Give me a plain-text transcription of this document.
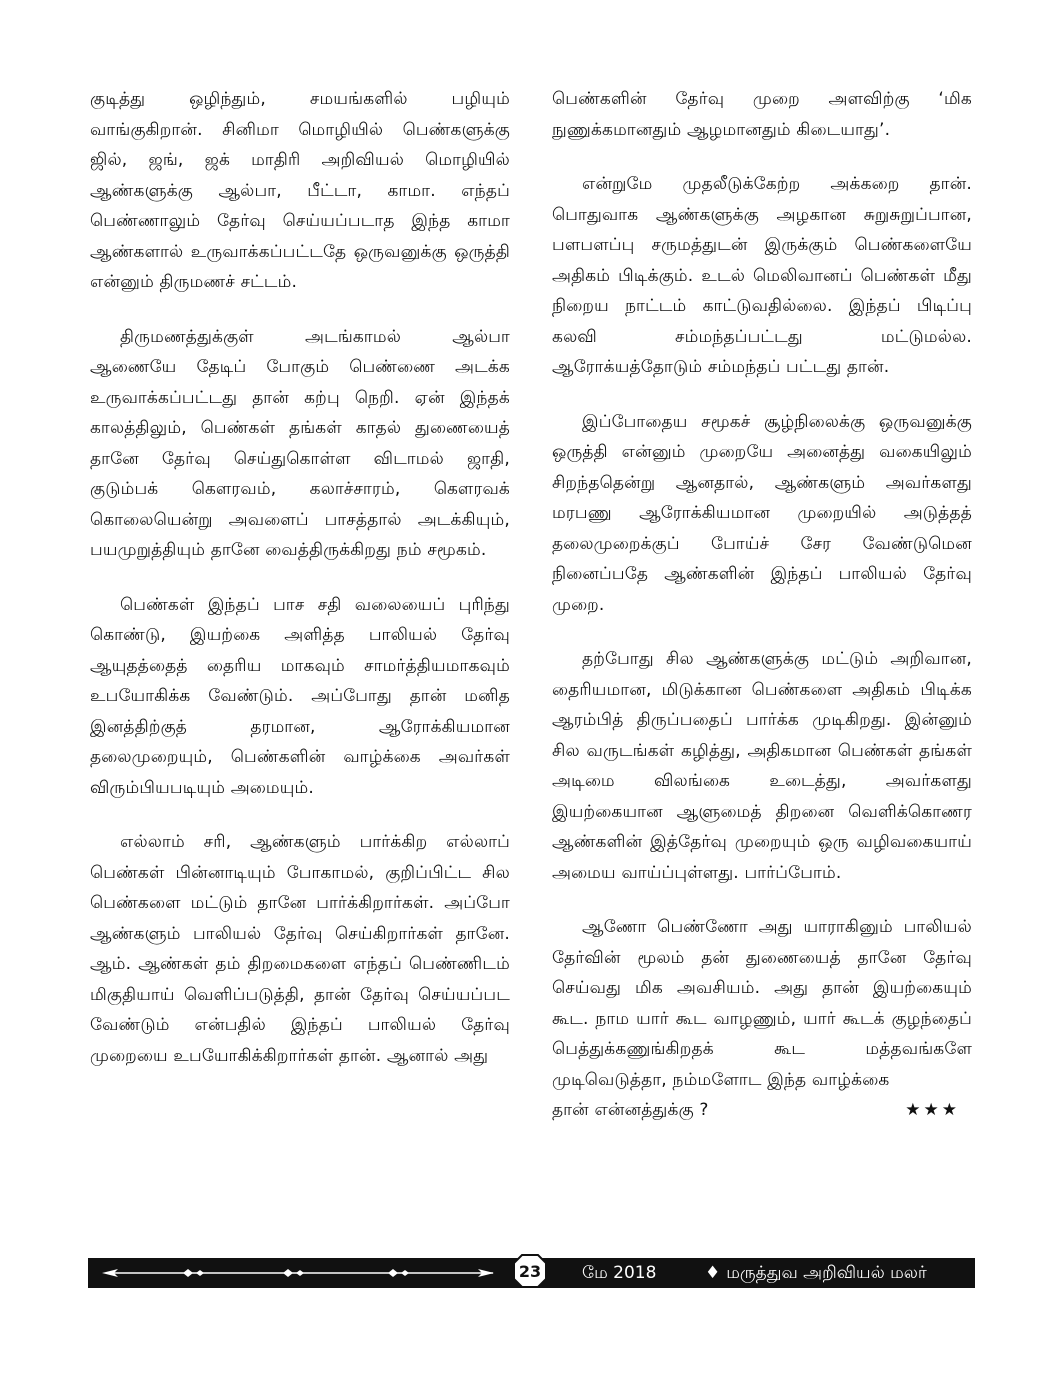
குடித்து ஒழிந்தும், சமயங்களில் பழியும் வாங்குகிறான். சினிமா மொழியில் பெண்களுக்கு ஜில், ஜங், ஜக் மாதிரி அறிவியல் மொழியில் ஆண்களுக்கு ஆல்பா, பீட்டா, காமா. எந்தப் பெண்ணாலும் தேர்வு செய்யப்படாத இந்த காமா ஆண்களால் உருவாக்கப்பட்டதே ஒருவனுக்கு ஒருத்தி என்னும் திருமணச் சட்டம்.

திருமணத்துக்குள் அடங்காமல் ஆல்பா ஆணையே தேடிப் போகும் பெண்ணை அடக்க உருவாக்கப்பட்டது தான் கற்பு நெறி. ஏன் இந்தக் காலத்திலும், பெண்கள் தங்கள் காதல் துணையைத் தானே தேர்வு செய்துகொள்ள விடாமல் ஜாதி, குடும்பக் கௌரவம், கலாச்சாரம், கௌரவக் கொலையென்று அவளைப் பாசத்தால் அடக்கியும், பயமுறுத்தியும் தானே வைத்திருக்கிறது நம் சமூகம்.

பெண்கள் இந்தப் பாச சதி வலையைப் புரிந்து கொண்டு, இயற்கை அளித்த பாலியல் தேர்வு ஆயுதத்தைத் தைரிய மாகவும் சாமர்த்தியமாகவும் உபயோகிக்க வேண்டும். அப்போது தான் மனித இனத்திற்குத் தரமான, ஆரோக்கியமான தலைமுறையும், பெண்களின் வாழ்க்கை அவர்கள் விரும்பியபடியும் அமையும்.

எல்லாம் சரி, ஆண்களும் பார்க்கிற எல்லாப் பெண்கள் பின்னாடியும் போகாமல், குறிப்பிட்ட சில பெண்களை மட்டும் தானே பார்க்கிறார்கள். அப்போ ஆண்களும் பாலியல் தேர்வு செய்கிறார்கள் தானே. ஆம். ஆண்கள் தம் திறமைகளை எந்தப் பெண்ணிடம் மிகுதியாய் வெளிப்படுத்தி, தான் தேர்வு செய்யப்பட வேண்டும் என்பதில் இந்தப் பாலியல் தேர்வு முறையை உபயோகிக்கிறார்கள் தான். ஆனால் அது

பெண்களின் தேர்வு முறை அளவிற்கு ‘மிக நுணுக்கமானதும் ஆழமானதும் கிடையாது’.

என்றுமே முதலீடுக்கேற்ற அக்கறை தான். பொதுவாக ஆண்களுக்கு அழகான சுறுசுறுப்பான, பளபளப்பு சருமத்துடன் இருக்கும் பெண்களையே அதிகம் பிடிக்கும். உடல் மெலிவானப் பெண்கள் மீது நிறைய நாட்டம் காட்டுவதில்லை. இந்தப் பிடிப்பு கலவி சம்மந்தப்பட்டது மட்டுமல்ல. ஆரோக்யத்தோடும் சம்மந்தப் பட்டது தான்.

இப்போதைய சமூகச் சூழ்நிலைக்கு ஒருவனுக்கு ஒருத்தி என்னும் முறையே அனைத்து வகையிலும் சிறந்ததென்று ஆனதால், ஆண்களும் அவர்களது மரபணு ஆரோக்கியமான முறையில் அடுத்தத் தலைமுறைக்குப் போய்ச் சேர வேண்டுமென நினைப்பதே ஆண்களின் இந்தப் பாலியல் தேர்வு முறை.

தற்போது சில ஆண்களுக்கு மட்டும் அறிவான, தைரியமான, மிடுக்கான பெண்களை அதிகம் பிடிக்க ஆரம்பித் திருப்பதைப் பார்க்க முடிகிறது. இன்னும் சில வருடங்கள் கழித்து, அதிகமான பெண்கள் தங்கள் அடிமை விலங்கை உடைத்து, அவர்களது இயற்கையான ஆளுமைத் திறனை வெளிக்கொணர ஆண்களின் இத்தேர்வு முறையும் ஒரு வழிவகையாய் அமைய வாய்ப்புள்ளது. பார்ப்போம்.

ஆணோ பெண்ணோ அது யாராகினும் பாலியல் தேர்வின் மூலம் தன் துணையைத் தானே தேர்வு செய்வது மிக அவசியம். அது தான் இயற்கையும் கூட. நாம யார் கூட வாழணும், யார் கூடக் குழந்தைப் பெத்துக்கணுங்கிறதக் கூட மத்தவங்களே முடிவெடுத்தா, நம்மளோட இந்த வாழ்க்கை

தான் என்னத்துக்கு ?	★★★
23	மே 2018	♦ மருத்துவ அறிவியல் மலர்
